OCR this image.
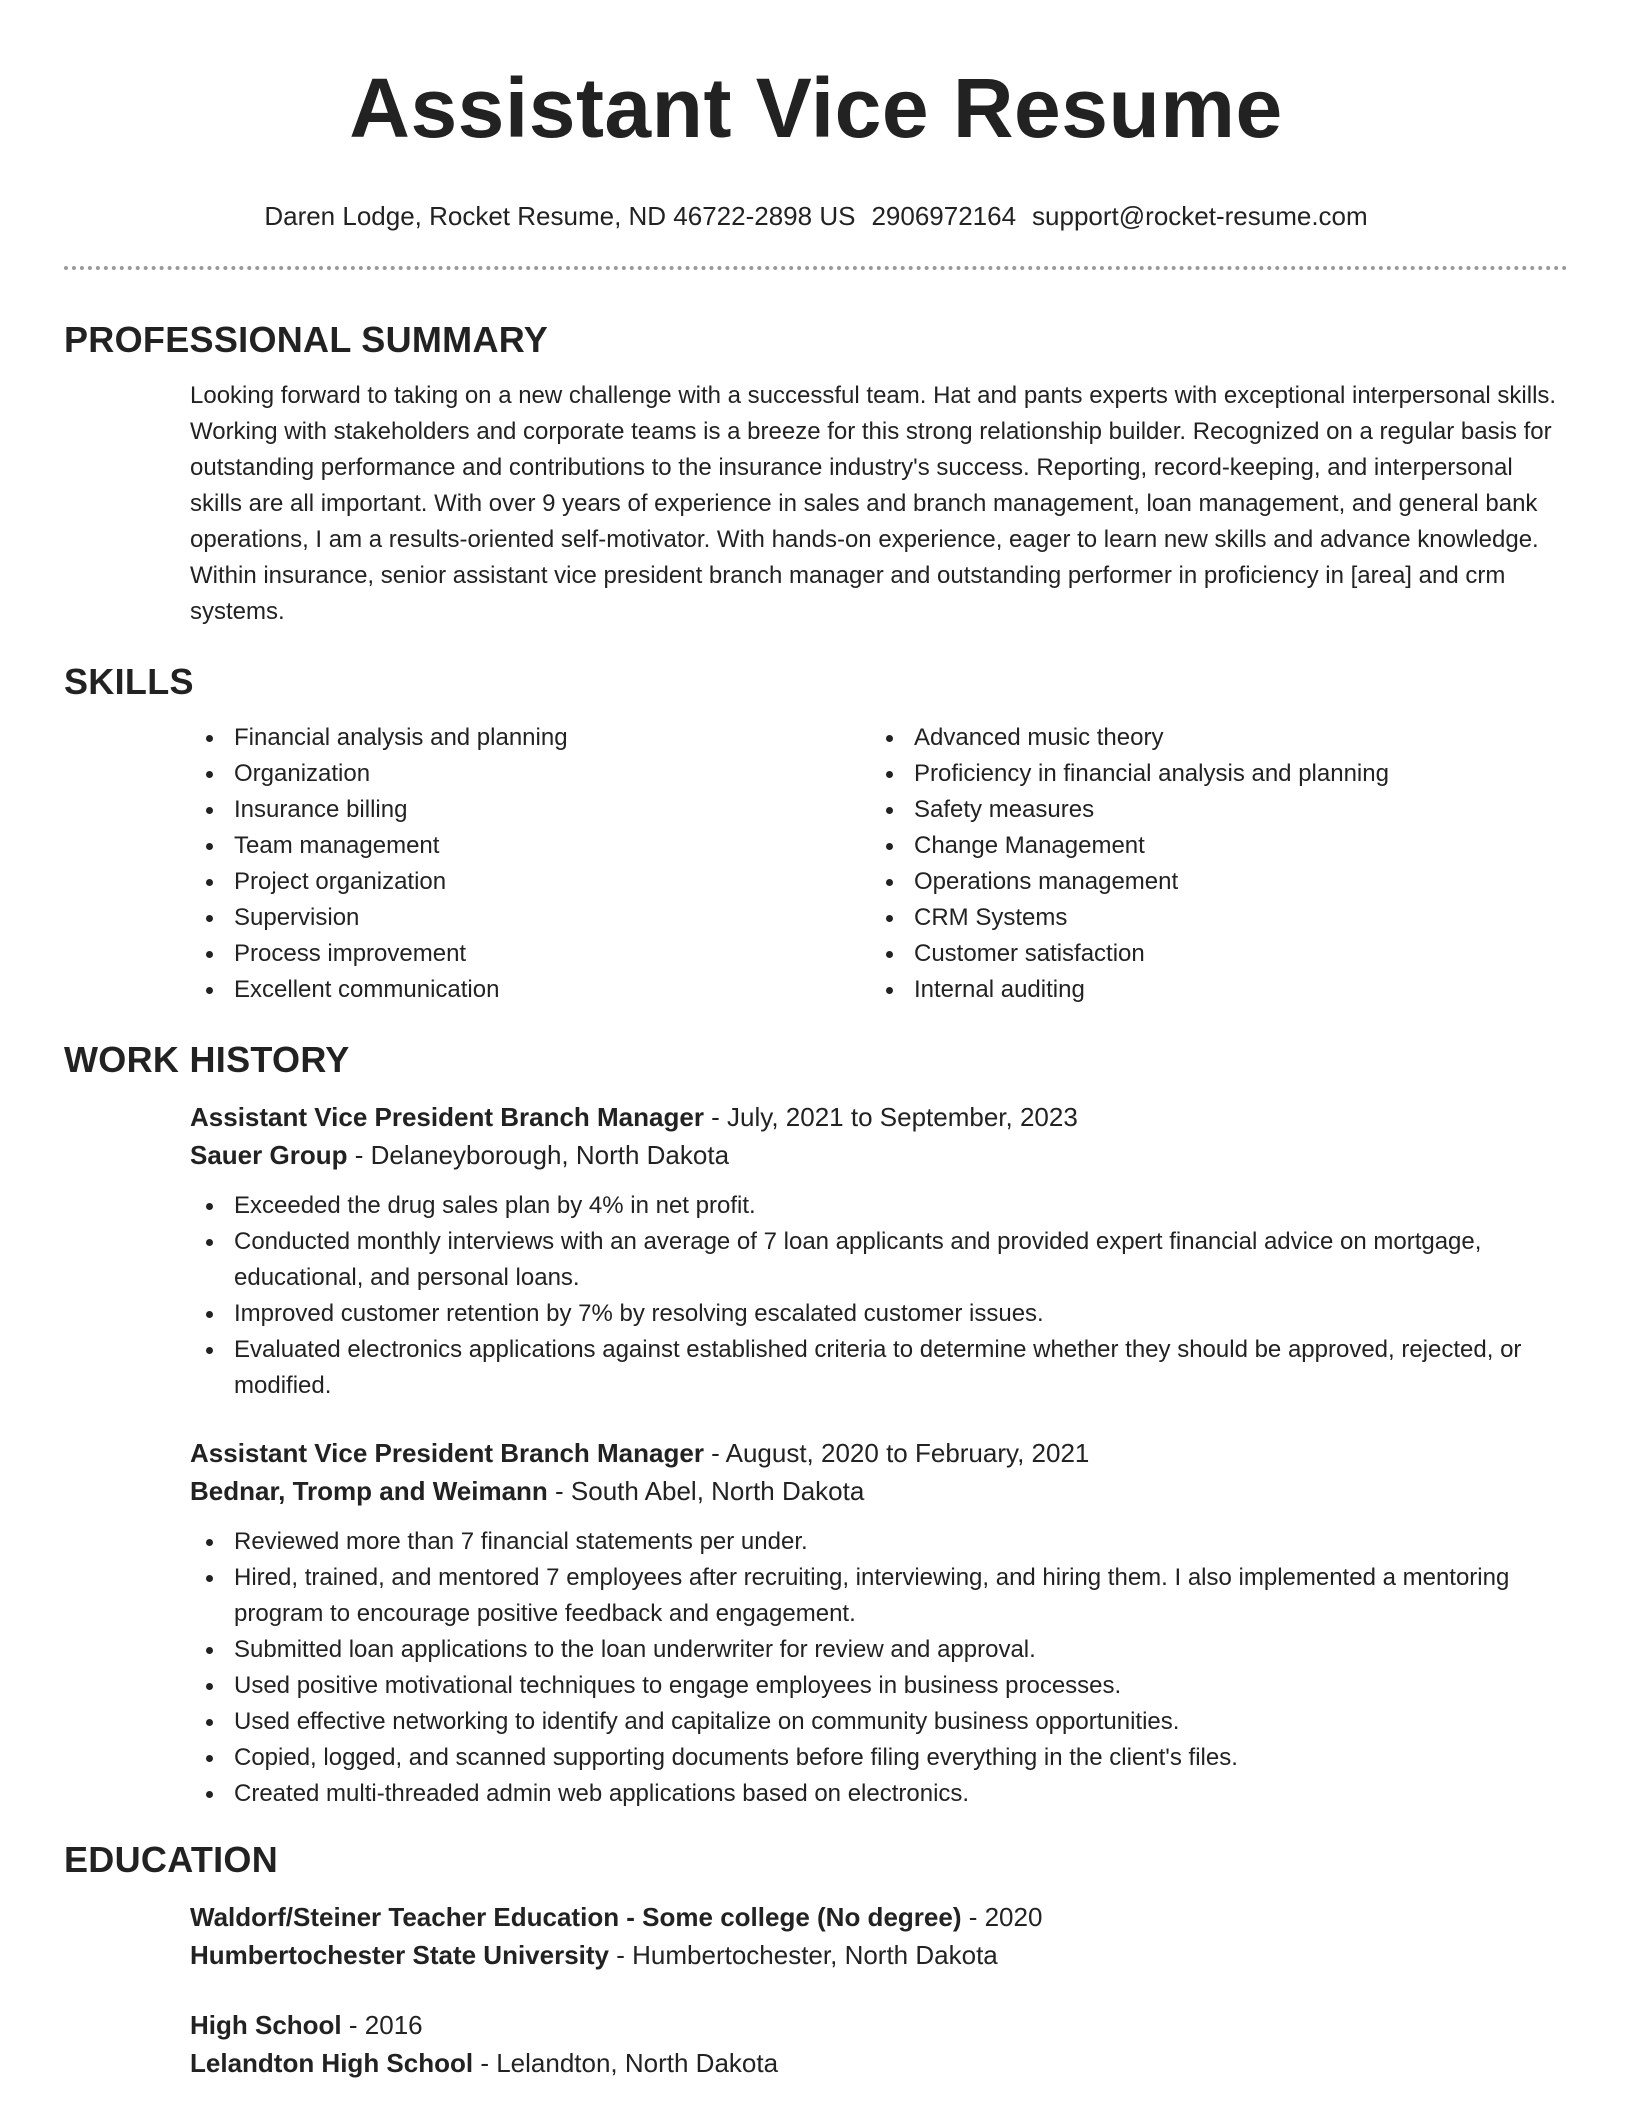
Assistant Vice Resume
Daren Lodge, Rocket Resume, ND 46722-2898 US 2906972164 support@rocket-resume.com
PROFESSIONAL SUMMARY

Looking forward to taking on a new challenge with a successful team. Hat and pants experts with exceptional interpersonal skills. Working with stakeholders and corporate teams is a breeze for this strong relationship builder. Recognized on a regular basis for outstanding performance and contributions to the insurance industry's success. Reporting, record-keeping, and interpersonal skills are all important. With over 9 years of experience in sales and branch management, loan management, and general bank operations, I am a results-oriented self-motivator. With hands-on experience, eager to learn new skills and advance knowledge. Within insurance, senior assistant vice president branch manager and outstanding performer in proficiency in [area] and crm systems.

SKILLS
Financial analysis and planning
Organization
Insurance billing
Team management
Project organization
Supervision
Process improvement
Excellent communication
Advanced music theory
Proficiency in financial analysis and planning
Safety measures
Change Management
Operations management
CRM Systems
Customer satisfaction
Internal auditing
WORK HISTORY
Assistant Vice President Branch Manager - July, 2021 to September, 2023
Sauer Group - Delaneyborough, North Dakota
Exceeded the drug sales plan by 4% in net profit.
Conducted monthly interviews with an average of 7 loan applicants and provided expert financial advice on mortgage, educational, and personal loans.
Improved customer retention by 7% by resolving escalated customer issues.
Evaluated electronics applications against established criteria to determine whether they should be approved, rejected, or modified.
Assistant Vice President Branch Manager - August, 2020 to February, 2021
Bednar, Tromp and Weimann - South Abel, North Dakota
Reviewed more than 7 financial statements per under.
Hired, trained, and mentored 7 employees after recruiting, interviewing, and hiring them. I also implemented a mentoring program to encourage positive feedback and engagement.
Submitted loan applications to the loan underwriter for review and approval.
Used positive motivational techniques to engage employees in business processes.
Used effective networking to identify and capitalize on community business opportunities.
Copied, logged, and scanned supporting documents before filing everything in the client's files.
Created multi-threaded admin web applications based on electronics.
EDUCATION
Waldorf/Steiner Teacher Education - Some college (No degree) - 2020
Humbertochester State University - Humbertochester, North Dakota
High School - 2016
Lelandton High School - Lelandton, North Dakota
